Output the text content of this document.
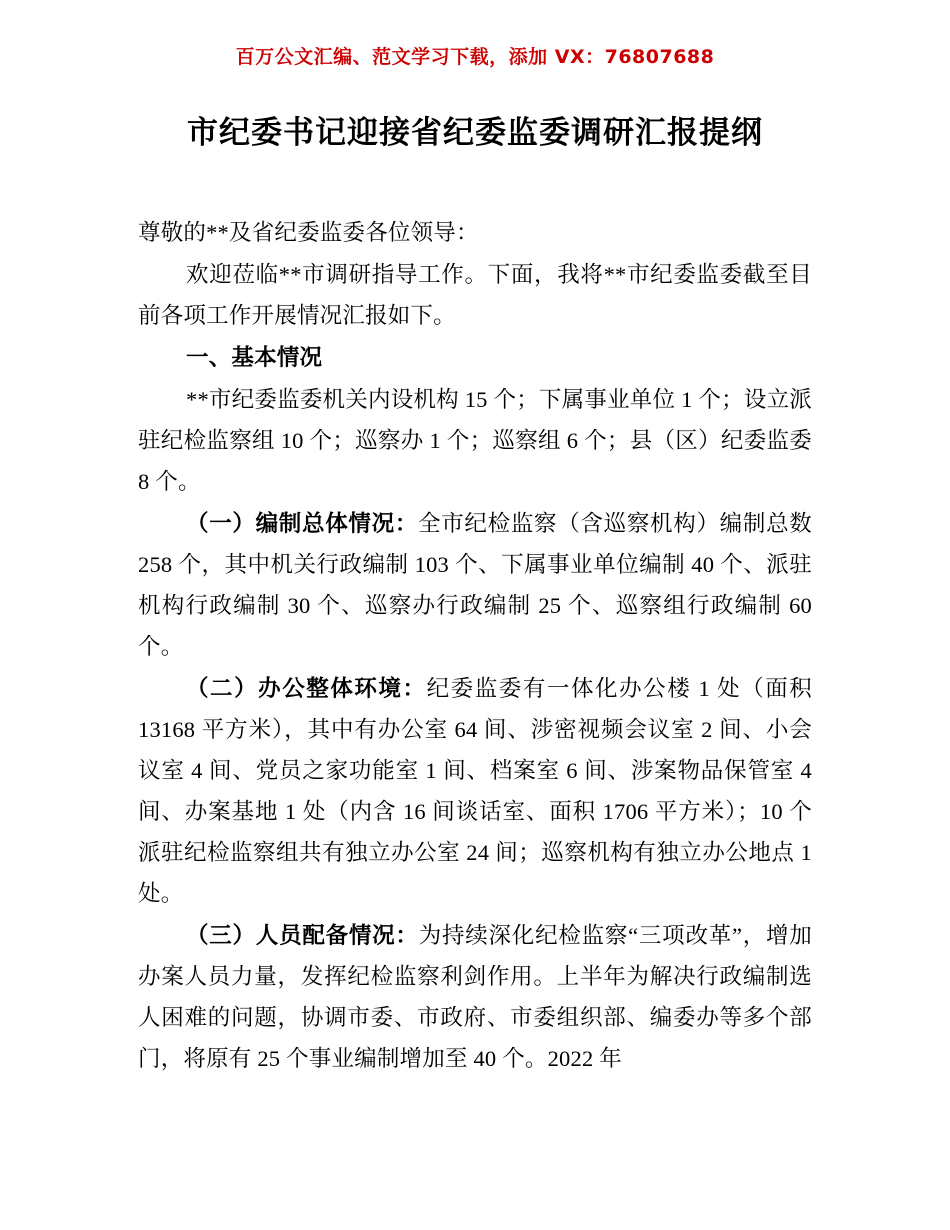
百万公文汇编、范文学习下载，添加 VX：76807688
市纪委书记迎接省纪委监委调研汇报提纲

尊敬的**及省纪委监委各位领导：

欢迎莅临**市调研指导工作。下面，我将**市纪委监委截至目前各项工作开展情况汇报如下。

一、基本情况

**市纪委监委机关内设机构 15 个；下属事业单位 1 个；设立派驻纪检监察组 10 个；巡察办 1 个；巡察组 6 个；县（区）纪委监委 8 个。

（一）编制总体情况：全市纪检监察（含巡察机构）编制总数 258 个，其中机关行政编制 103 个、下属事业单位编制 40 个、派驻机构行政编制 30 个、巡察办行政编制 25 个、巡察组行政编制 60 个。

（二）办公整体环境：纪委监委有一体化办公楼 1 处（面积 13168 平方米），其中有办公室 64 间、涉密视频会议室 2 间、小会议室 4 间、党员之家功能室 1 间、档案室 6 间、涉案物品保管室 4 间、办案基地 1 处（内含 16 间谈话室、面积 1706 平方米）；10 个派驻纪检监察组共有独立办公室 24 间；巡察机构有独立办公地点 1 处。

（三）人员配备情况：为持续深化纪检监察“三项改革”，增加办案人员力量，发挥纪检监察利剑作用。上半年为解决行政编制选人困难的问题，协调市委、市政府、市委组织部、编委办等多个部门，将原有 25 个事业编制增加至 40 个。2022 年
